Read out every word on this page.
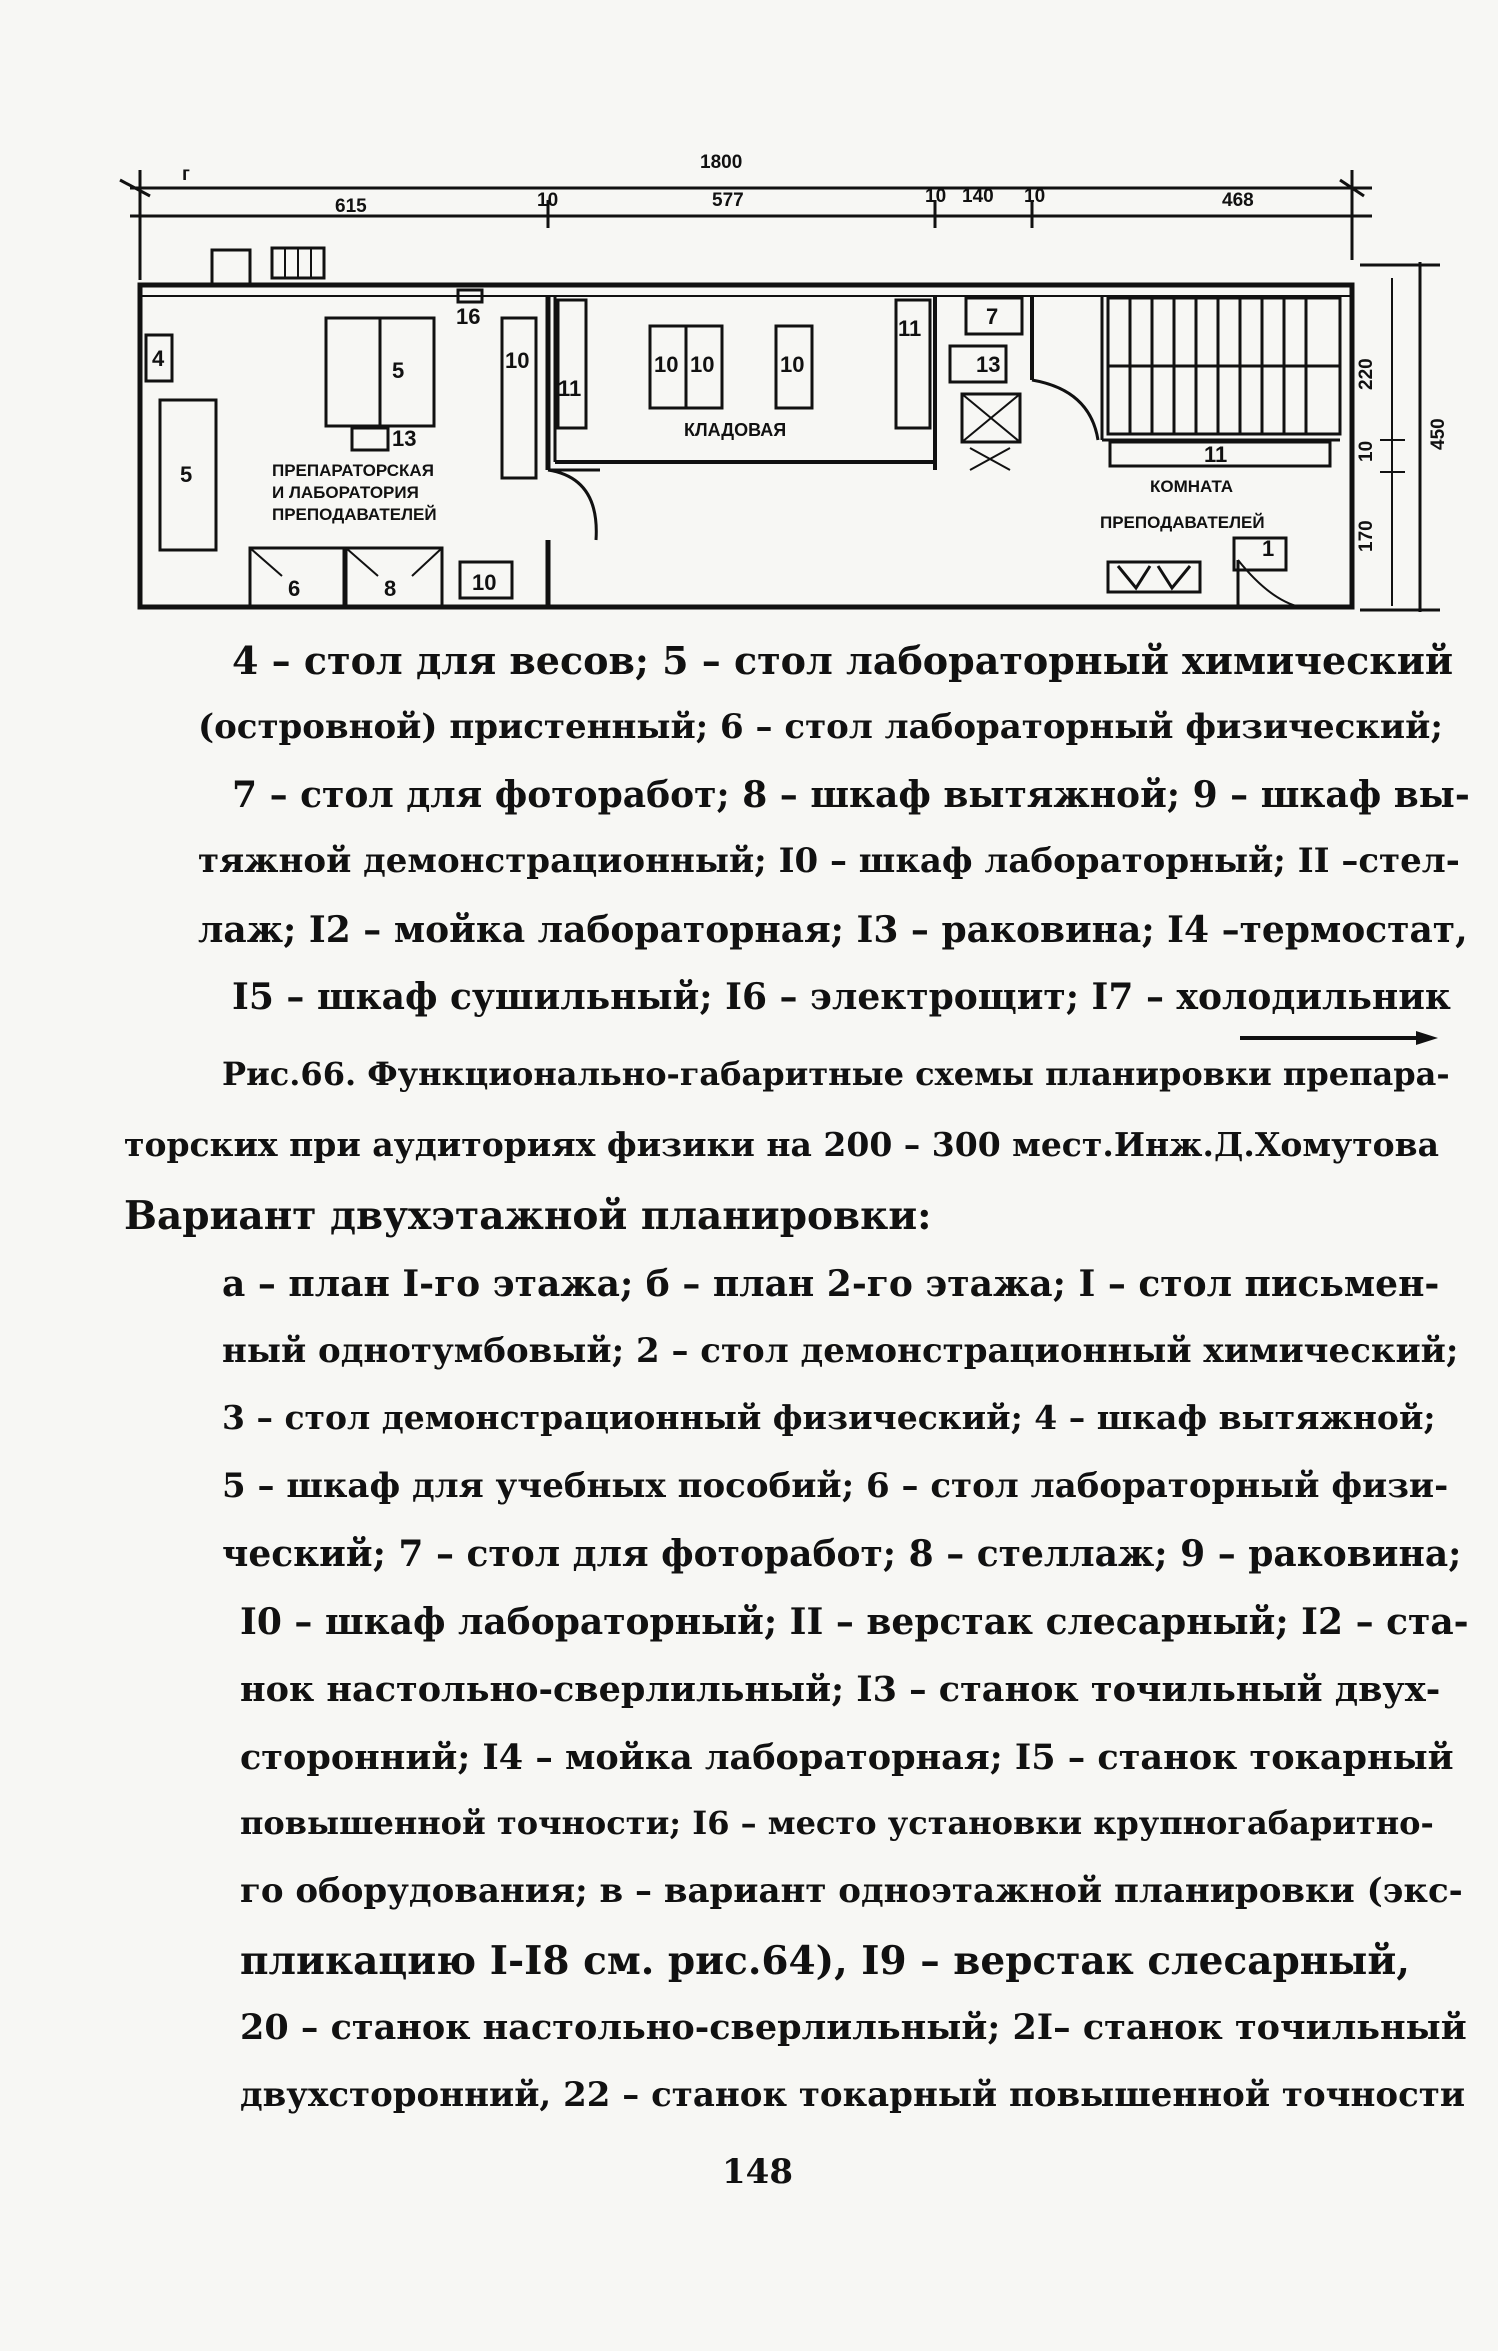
г
1800
615	10	577	10 140 10	468
450
220
10
170
ПРЕПАРАТОРСКАЯ
И ЛАБОРАТОРИЯ
ПРЕПОДАВАТЕЛЕЙ
КЛАДОВАЯ
КОМНАТА
ПРЕПОДАВАТЕЛЕЙ
4
5
5
16
13
10
6	8	10
11
10 10	10
11	7
13
11
1
4 – стол для весов; 5 – стол лабораторный химический
(островной) пристенный; 6 – стол лабораторный физический;
7 – стол для фоторабот; 8 – шкаф вытяжной; 9 – шкаф вы-
тяжной демонстрационный; I0 – шкаф лабораторный; II –стел-
лаж; I2 – мойка лабораторная; I3 – раковина; I4 –термостат,
I5 – шкаф сушильный; I6 – электрощит; I7 – холодильник
Рис.66. Функционально-габаритные схемы планировки препара-
торских при аудиториях физики на 200 – 300 мест.Инж.Д.Хомутова
Вариант двухэтажной планировки:
а – план I-го этажа; б – план 2-го этажа; I – стол письмен-
ный однотумбовый; 2 – стол демонстрационный химический;
3 – стол демонстрационный физический; 4 – шкаф вытяжной;
5 – шкаф для учебных пособий; 6 – стол лабораторный физи-
ческий; 7 – стол для фоторабот; 8 – стеллаж; 9 – раковина;
I0 – шкаф лабораторный; II – верстак слесарный; I2 – ста-
нок настольно-сверлильный; I3 – станок точильный двух-
сторонний; I4 – мойка лабораторная; I5 – станок токарный
повышенной точности; I6 – место установки крупногабаритно-
го оборудования; в – вариант одноэтажной планировки (экс-
пликацию I-I8 см. рис.64), I9 – верстак слесарный,
20 – станок настольно-сверлильный; 2I– станок точильный
двухсторонний, 22 – станок токарный повышенной точности
148
